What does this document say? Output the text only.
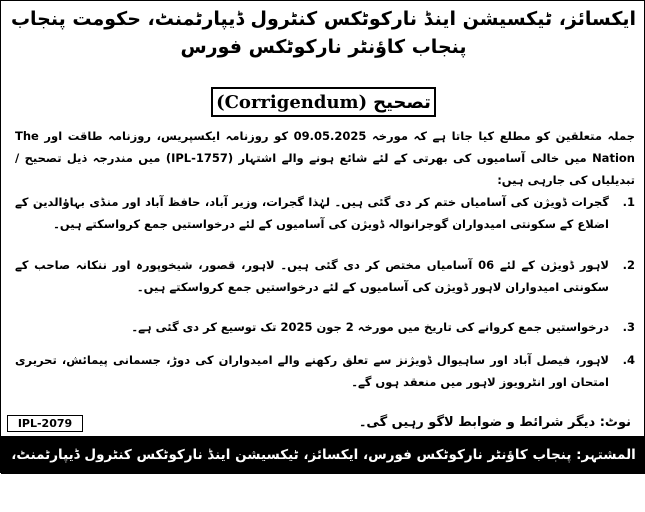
ایکسائز، ٹیکسیشن اینڈ نارکوٹکس کنٹرول ڈیپارٹمنٹ، حکومت پنجاب
پنجاب کاؤنٹر نارکوٹکس فورس
(Corrigendum) تصحیح
جملہ متعلقین کو مطلع کیا جاتا ہے کہ مورخہ 09.05.2025 کو روزنامہ ایکسپریس، روزنامہ طاقت اور The Nation میں خالی آسامیوں کی بھرتی کے لئے شائع ہونے والے اشتہار (IPL-1757) میں مندرجہ ذیل تصحیح / تبدیلیاں کی جارہی ہیں:
1.
گجرات ڈویژن کی آسامیاں ختم کر دی گئی ہیں۔ لہٰذا گجرات، وزیر آباد، حافظ آباد اور منڈی بہاؤالدین کے اضلاع کے سکونتی امیدواران گوجرانوالہ ڈویژن کی آسامیوں کے لئے درخواستیں جمع کرواسکتے ہیں۔
2.
لاہور ڈویژن کے لئے 06 آسامیاں مختص کر دی گئی ہیں۔ لاہور، قصور، شیخوپورہ اور ننکانہ صاحب کے سکونتی امیدواران لاہور ڈویژن کی آسامیوں کے لئے درخواستیں جمع کرواسکتے ہیں۔
3.
درخواستیں جمع کروانے کی تاریخ میں مورخہ 2 جون 2025 تک توسیع کر دی گئی ہے۔
4.
لاہور، فیصل آباد اور ساہیوال ڈویژنز سے تعلق رکھنے والے امیدواران کی دوڑ، جسمانی پیمائش، تحریری امتحان اور انٹرویوز لاہور میں منعقد ہوں گے۔
نوٹ: دیگر شرائط و ضوابط لاگو رہیں گی۔
IPL-2079
المشتہر: پنجاب کاؤنٹر نارکوٹکس فورس، ایکسائز، ٹیکسیشن اینڈ نارکوٹکس کنٹرول ڈیپارٹمنٹ، حکومت پنجاب
